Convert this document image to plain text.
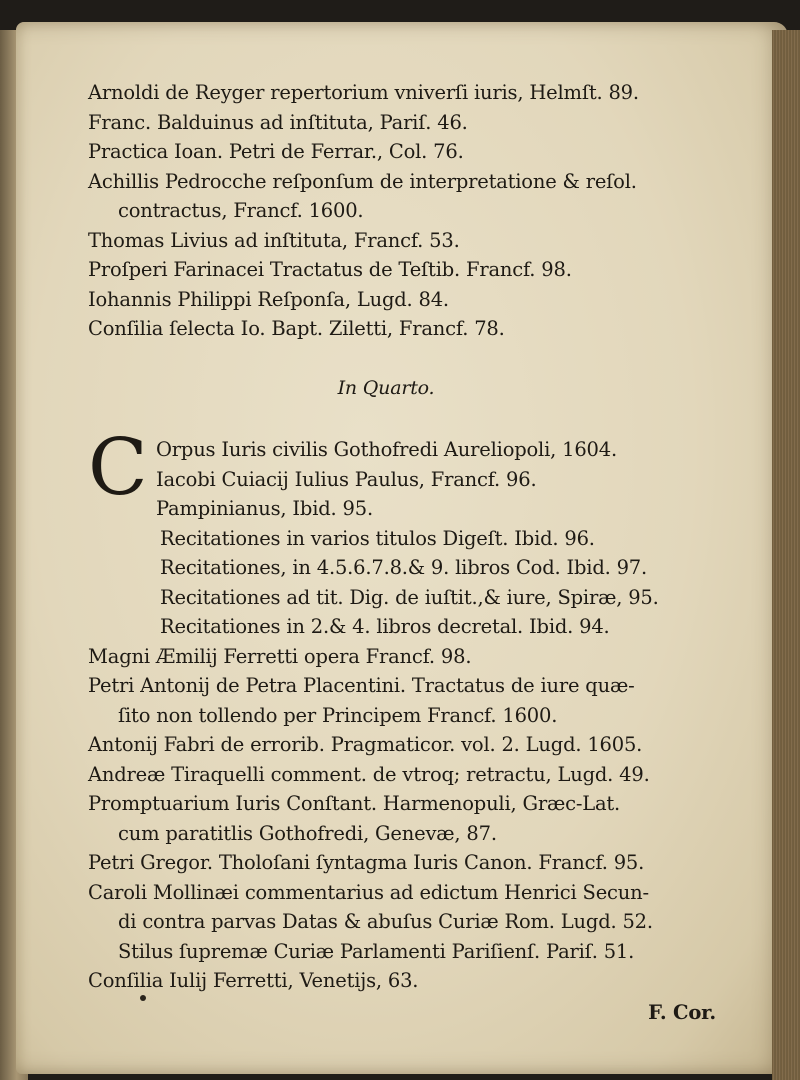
Arnoldi de Reyger repertorium vniverſi iuris, Helmſt. 89.
Franc. Balduinus ad inſtituta, Pariſ. 46.
Practica Ioan. Petri de Ferrar., Col. 76.
Achillis Pedrocche reſponſum de interpretatione & reſol.
contractus, Francf. 1600.
Thomas Livius ad inſtituta, Francf. 53.
Proſperi Farinacei Tractatus de Teſtib. Francf. 98.
Iohannis Philippi Reſponſa, Lugd. 84.
Conſilia ſelecta Io. Bapt. Ziletti, Francf. 78.
In Quarto.
C Orpus Iuris civilis Gothofredi Aureliopoli, 1604.
Iacobi Cuiacij Iulius Paulus, Francf. 96.
Pampinianus, Ibid. 95.
Recitationes in varios titulos Digeſt. Ibid. 96.
Recitationes, in 4.5.6.7.8.& 9. libros Cod. Ibid. 97.
Recitationes ad tit. Dig. de iuſtit.,& iure, Spiræ, 95.
Recitationes in 2.& 4. libros decretal. Ibid. 94.
Magni Æmilij Ferretti opera Francf. 98.
Petri Antonij de Petra Placentini. Tractatus de iure quæ-
ſito non tollendo per Principem Francf. 1600.
Antonij Fabri de errorib. Pragmaticor. vol. 2. Lugd. 1605.
Andreæ Tiraquelli comment. de vtroq; retractu, Lugd. 49.
Promptuarium Iuris Conſtant. Harmenopuli, Græc-Lat.
cum paratitlis Gothofredi, Genevæ, 87.
Petri Gregor. Tholoſani ſyntagma Iuris Canon. Francf. 95.
Caroli Mollinæi commentarius ad edictum Henrici Secun-
di contra parvas Datas & abuſus Curiæ Rom. Lugd. 52.
Stilus ſupremæ Curiæ Parlamenti Pariſienſ. Pariſ. 51.
Conſilia Iulij Ferretti, Venetijs, 63.
F. Cor.
